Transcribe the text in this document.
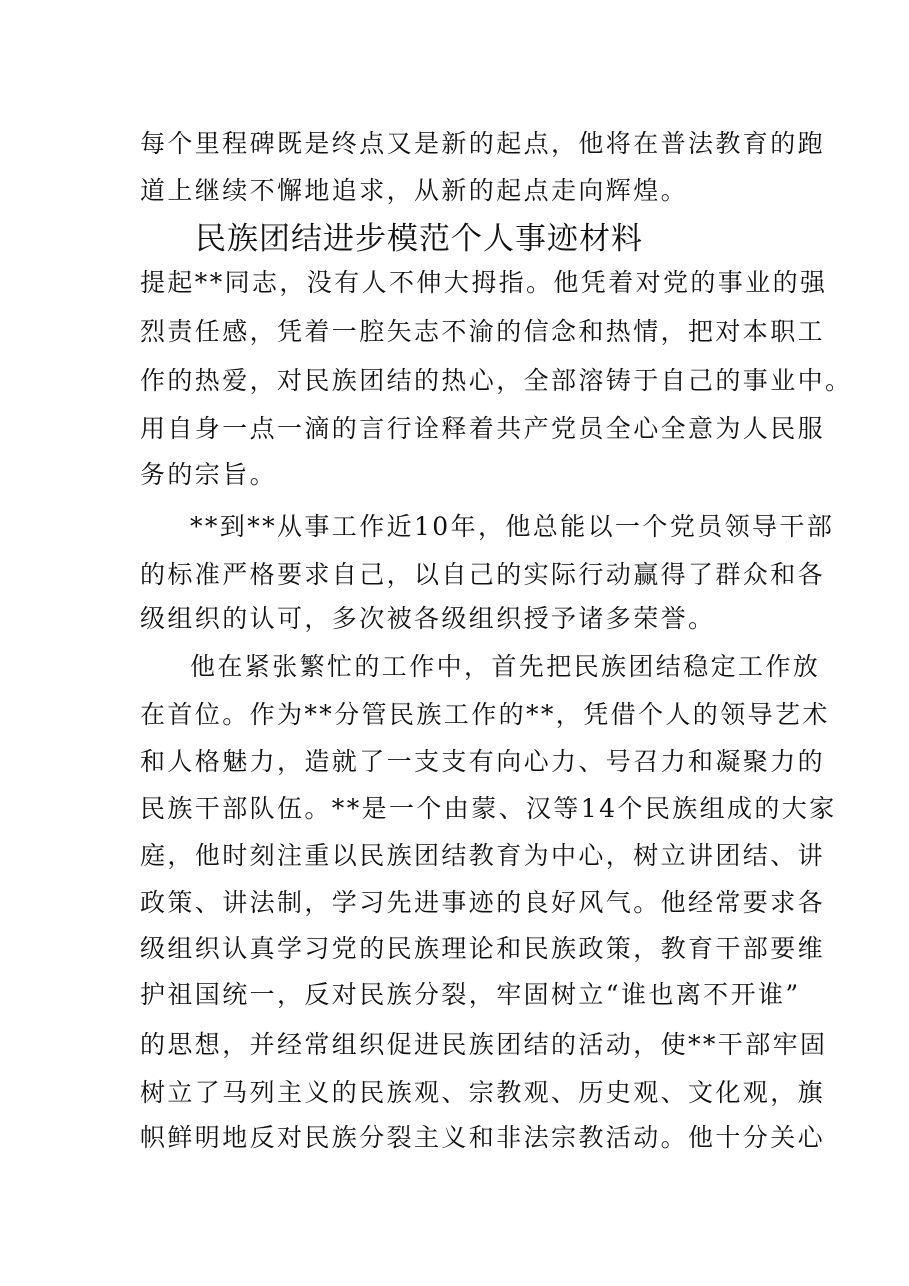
每个里程碑既是终点又是新的起点，他将在普法教育的跑

道上继续不懈地追求，从新的起点走向辉煌。

民族团结进步模范个人事迹材料

提起**同志，没有人不伸大拇指。他凭着对党的事业的强

烈责任感，凭着一腔矢志不渝的信念和热情，把对本职工

作的热爱，对民族团结的热心，全部溶铸于自己的事业中。

用自身一点一滴的言行诠释着共产党员全心全意为人民服

务的宗旨。

**到**从事工作近10年，他总能以一个党员领导干部

的标准严格要求自己，以自己的实际行动赢得了群众和各

级组织的认可，多次被各级组织授予诸多荣誉。

他在紧张繁忙的工作中，首先把民族团结稳定工作放

在首位。作为**分管民族工作的**，凭借个人的领导艺术

和人格魅力，造就了一支支有向心力、号召力和凝聚力的

民族干部队伍。**是一个由蒙、汉等14个民族组成的大家

庭，他时刻注重以民族团结教育为中心，树立讲团结、讲

政策、讲法制，学习先进事迹的良好风气。他经常要求各

级组织认真学习党的民族理论和民族政策，教育干部要维

护祖国统一，反对民族分裂，牢固树立“谁也离不开谁”

的思想，并经常组织促进民族团结的活动，使**干部牢固

树立了马列主义的民族观、宗教观、历史观、文化观，旗

帜鲜明地反对民族分裂主义和非法宗教活动。他十分关心
